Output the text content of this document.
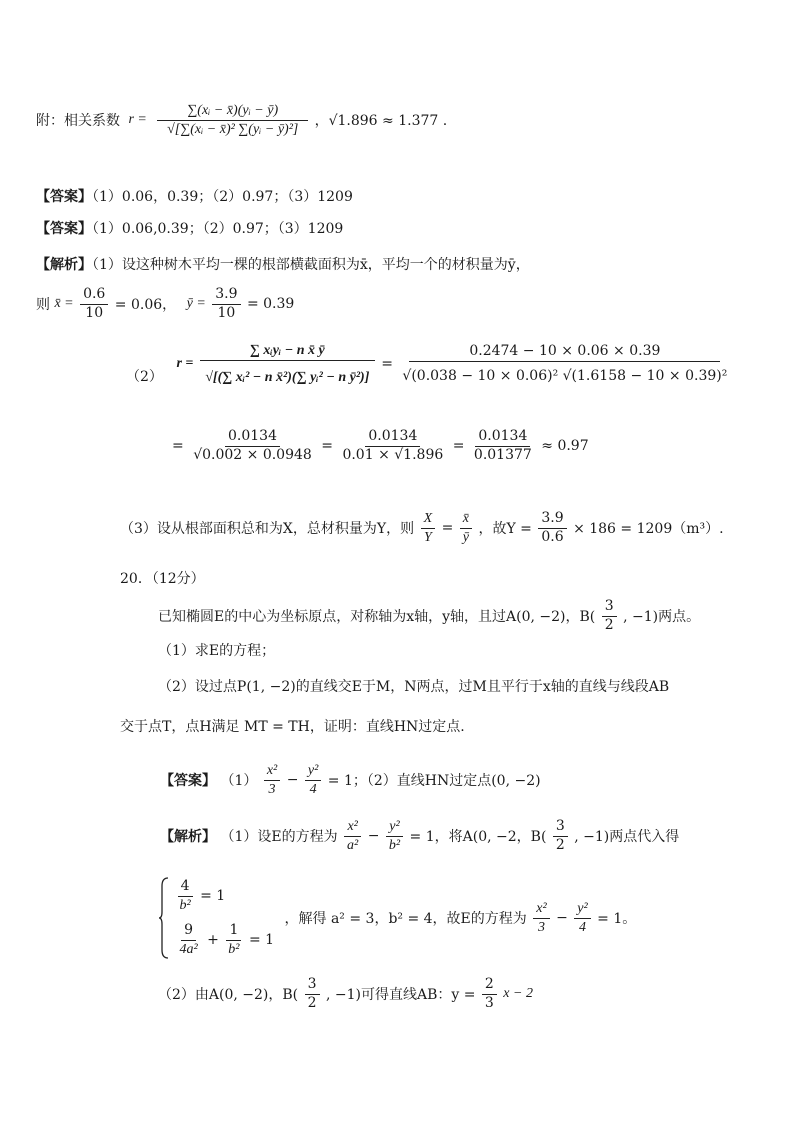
附：相关系数 $r = \frac{\text{∑(xᵢ − x̄)(yᵢ − ȳ)}}{\text{√[∑(xᵢ − x̄)² ∑(yᵢ − ȳ)²]}}$ ，√1.896 ≈ 1.377 .
【答案】（1）0.06，0.39；（2）0.97；（3）1209
【答案】（1）0.06,0.39；（2）0.97；（3）1209
【解析】（1）设这种树木平均一棵的根部横截面积为x̄，平均一个的材积量为ȳ，
则 x̄ = $\frac{0.6}{10} = 0.06$， ȳ = $\frac{3.9}{10} = 0.39$
（2）
$r = \frac{\text{∑ xᵢyᵢ − n x̄ ȳ}}{\text{√[(∑ xᵢ² − n x̄²)(∑ yᵢ² − n ȳ²)]}} = \frac{0.2474 - 10 \times 0.06 \times 0.39}{\text{√(0.038 − 10 × 0.06)² √(1.6158 − 10 × 0.39)²}}$
= $\frac{0.0134}{√0.002 \times 0.0948} = \frac{0.0134}{0.01 \times √1.896} = \frac{0.0134}{0.01377} \approx 0.97$
（3）设从根部面积总和为X，总材积量为Y，则 $\frac{X}{Y} = \frac{x̄}{ȳ}$ ，故$Y = \frac{3.9}{0.6} \times 186 = 1209(m^3)$.
20．（12分）
已知椭圆E的中心为坐标原点，对称轴为x轴，y轴，且过A(0, −2)，$B( \frac{3}{2}$ , −1)两点。
（1）求E的方程；
（2）设过点P(1, −2)的直线交E于M，N两点，过M且平行于x轴的直线与线段AB
交于点T，点H满足 MT = TH，证明：直线HN过定点.
【答案】 $(1) \frac{\text{x²}}{3} - \frac{\text{y²}}{4} = 1$；（2）直线HN过定点(0, −2)
【解析】 （1）设E的方程为 $\frac{\text{x²}}{\text{a²}} - \frac{\text{y²}}{\text{b²}} = 1$，将A(0, −2，$B( \frac{3}{2}$ , −1)两点代入得

$\frac{4}{\text{b²}} = 1$
$\frac{9}{\text{4a²}} + \frac{1}{\text{b²}} = 1$
，解得 a² = 3，b² = 4，故E的方程为 $\frac{\text{x²}}{3} - \frac{\text{y²}}{4} = 1$。
（2）由A(0, −2)，$B( \frac{3}{2}$ , −1)可得直线AB：$y = \frac{2}{3}$ x − 2
